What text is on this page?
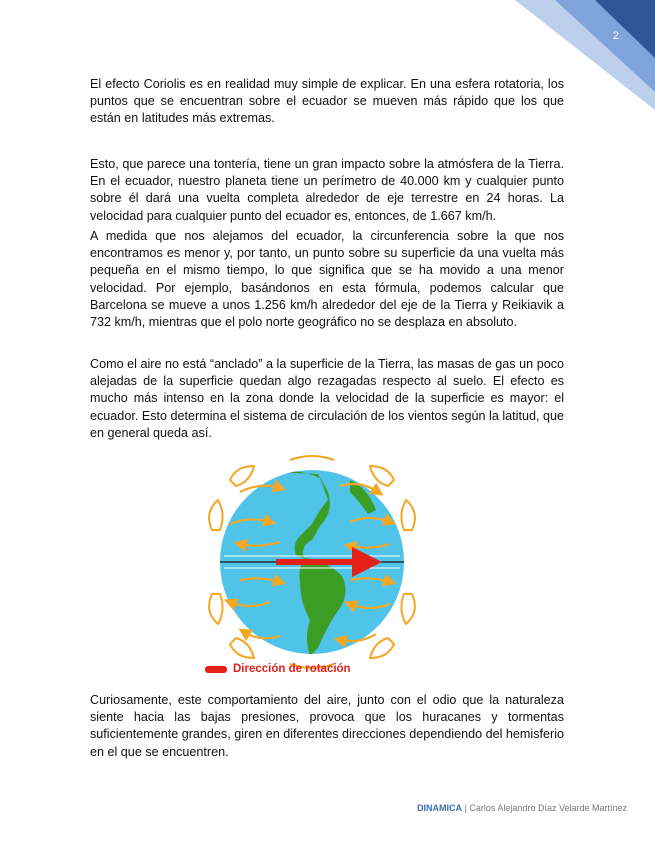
2

El efecto Coriolis es en realidad muy simple de explicar. En una esfera rotatoria, los puntos que se encuentran sobre el ecuador se mueven más rápido que los que están en latitudes más extremas.

Esto, que parece una tontería, tiene un gran impacto sobre la atmósfera de la Tierra. En el ecuador, nuestro planeta tiene un perímetro de 40.000 km y cualquier punto sobre él dará una vuelta completa alrededor de eje terrestre en 24 horas. La velocidad para cualquier punto del ecuador es, entonces, de 1.667 km/h.

A medida que nos alejamos del ecuador, la circunferencia sobre la que nos encontramos es menor y, por tanto, un punto sobre su superficie da una vuelta más pequeña en el mismo tiempo, lo que significa que se ha movido a una menor velocidad. Por ejemplo, basándonos en esta fórmula, podemos calcular que Barcelona se mueve a unos 1.256 km/h alrededor del eje de la Tierra y Reikiavik a 732 km/h, mientras que el polo norte geográfico no se desplaza en absoluto.

Como el aire no está “anclado” a la superficie de la Tierra, las masas de gas un poco alejadas de la superficie quedan algo rezagadas respecto al suelo. El efecto es mucho más intenso en la zona donde la velocidad de la superficie es mayor: el ecuador. Esto determina el sistema de circulación de los vientos según la latitud, que en general queda así.

Dirección de rotación

Curiosamente, este comportamiento del aire, junto con el odio que la naturaleza siente hacia las bajas presiones, provoca que los huracanes y tormentas suficientemente grandes, giren en diferentes direcciones dependiendo del hemisferio en el que se encuentren.

DINAMICA | Carlos Alejandro Díaz Velarde Martínez
